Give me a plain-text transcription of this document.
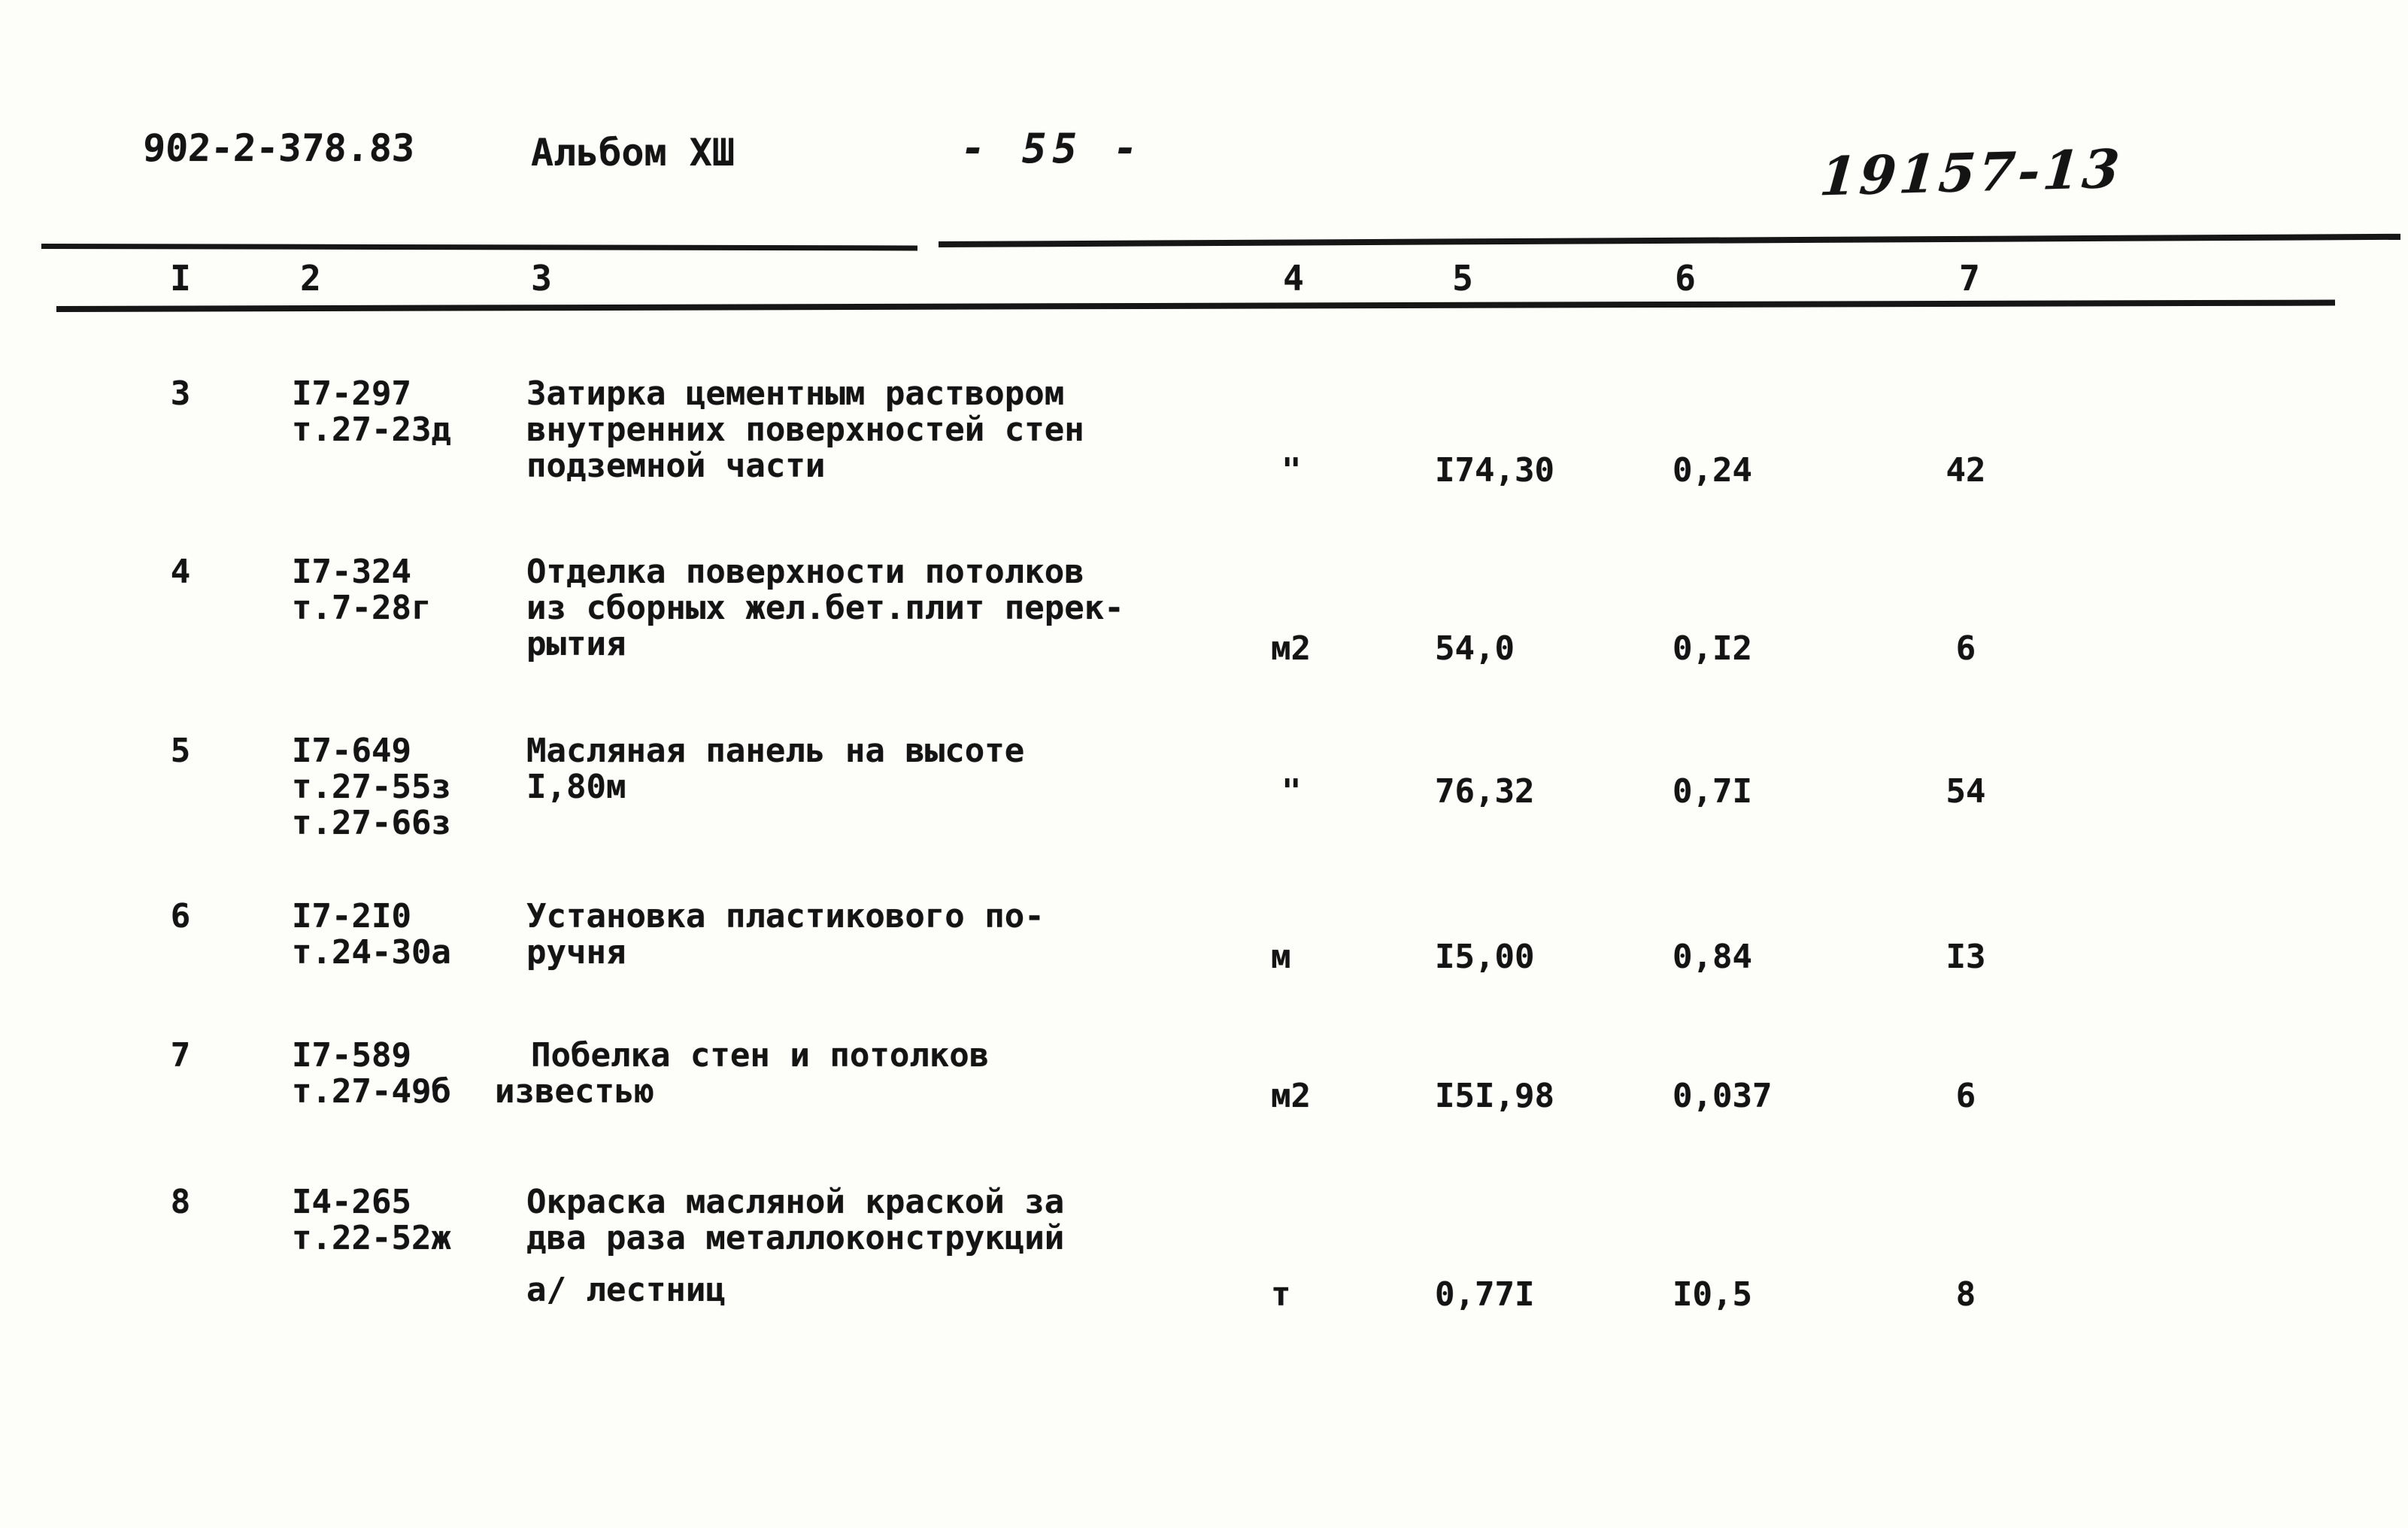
902-2-378.83	Альбом ХШ	- 55 -	19157-13
I	2	3	4	5	6	7
3	I7-297
т.27-23д
Затирка цементным раствором
внутренних поверхностей стен
подземной части	"	I74,30	0,24	42
4	I7-324
т.7-28г
Отделка поверхности потолков
из сборных жел.бет.плит перек-
рытия	м2	54,0	0,I2	6
5	I7-649
т.27-55з
т.27-66з
Масляная панель на высоте
I,80м	"	76,32	0,7I	54
6	I7-2I0
т.24-30а
Установка пластикового по-
ручня	м	I5,00	0,84	I3
7	I7-589
т.27-49б
Побелка стен и потолков
известью	м2	I5I,98	0,037	6
8	I4-265
т.22-52ж
Окраска масляной краской за
два раза металлоконструкций
а/ лестниц	т	0,77I	I0,5	8
